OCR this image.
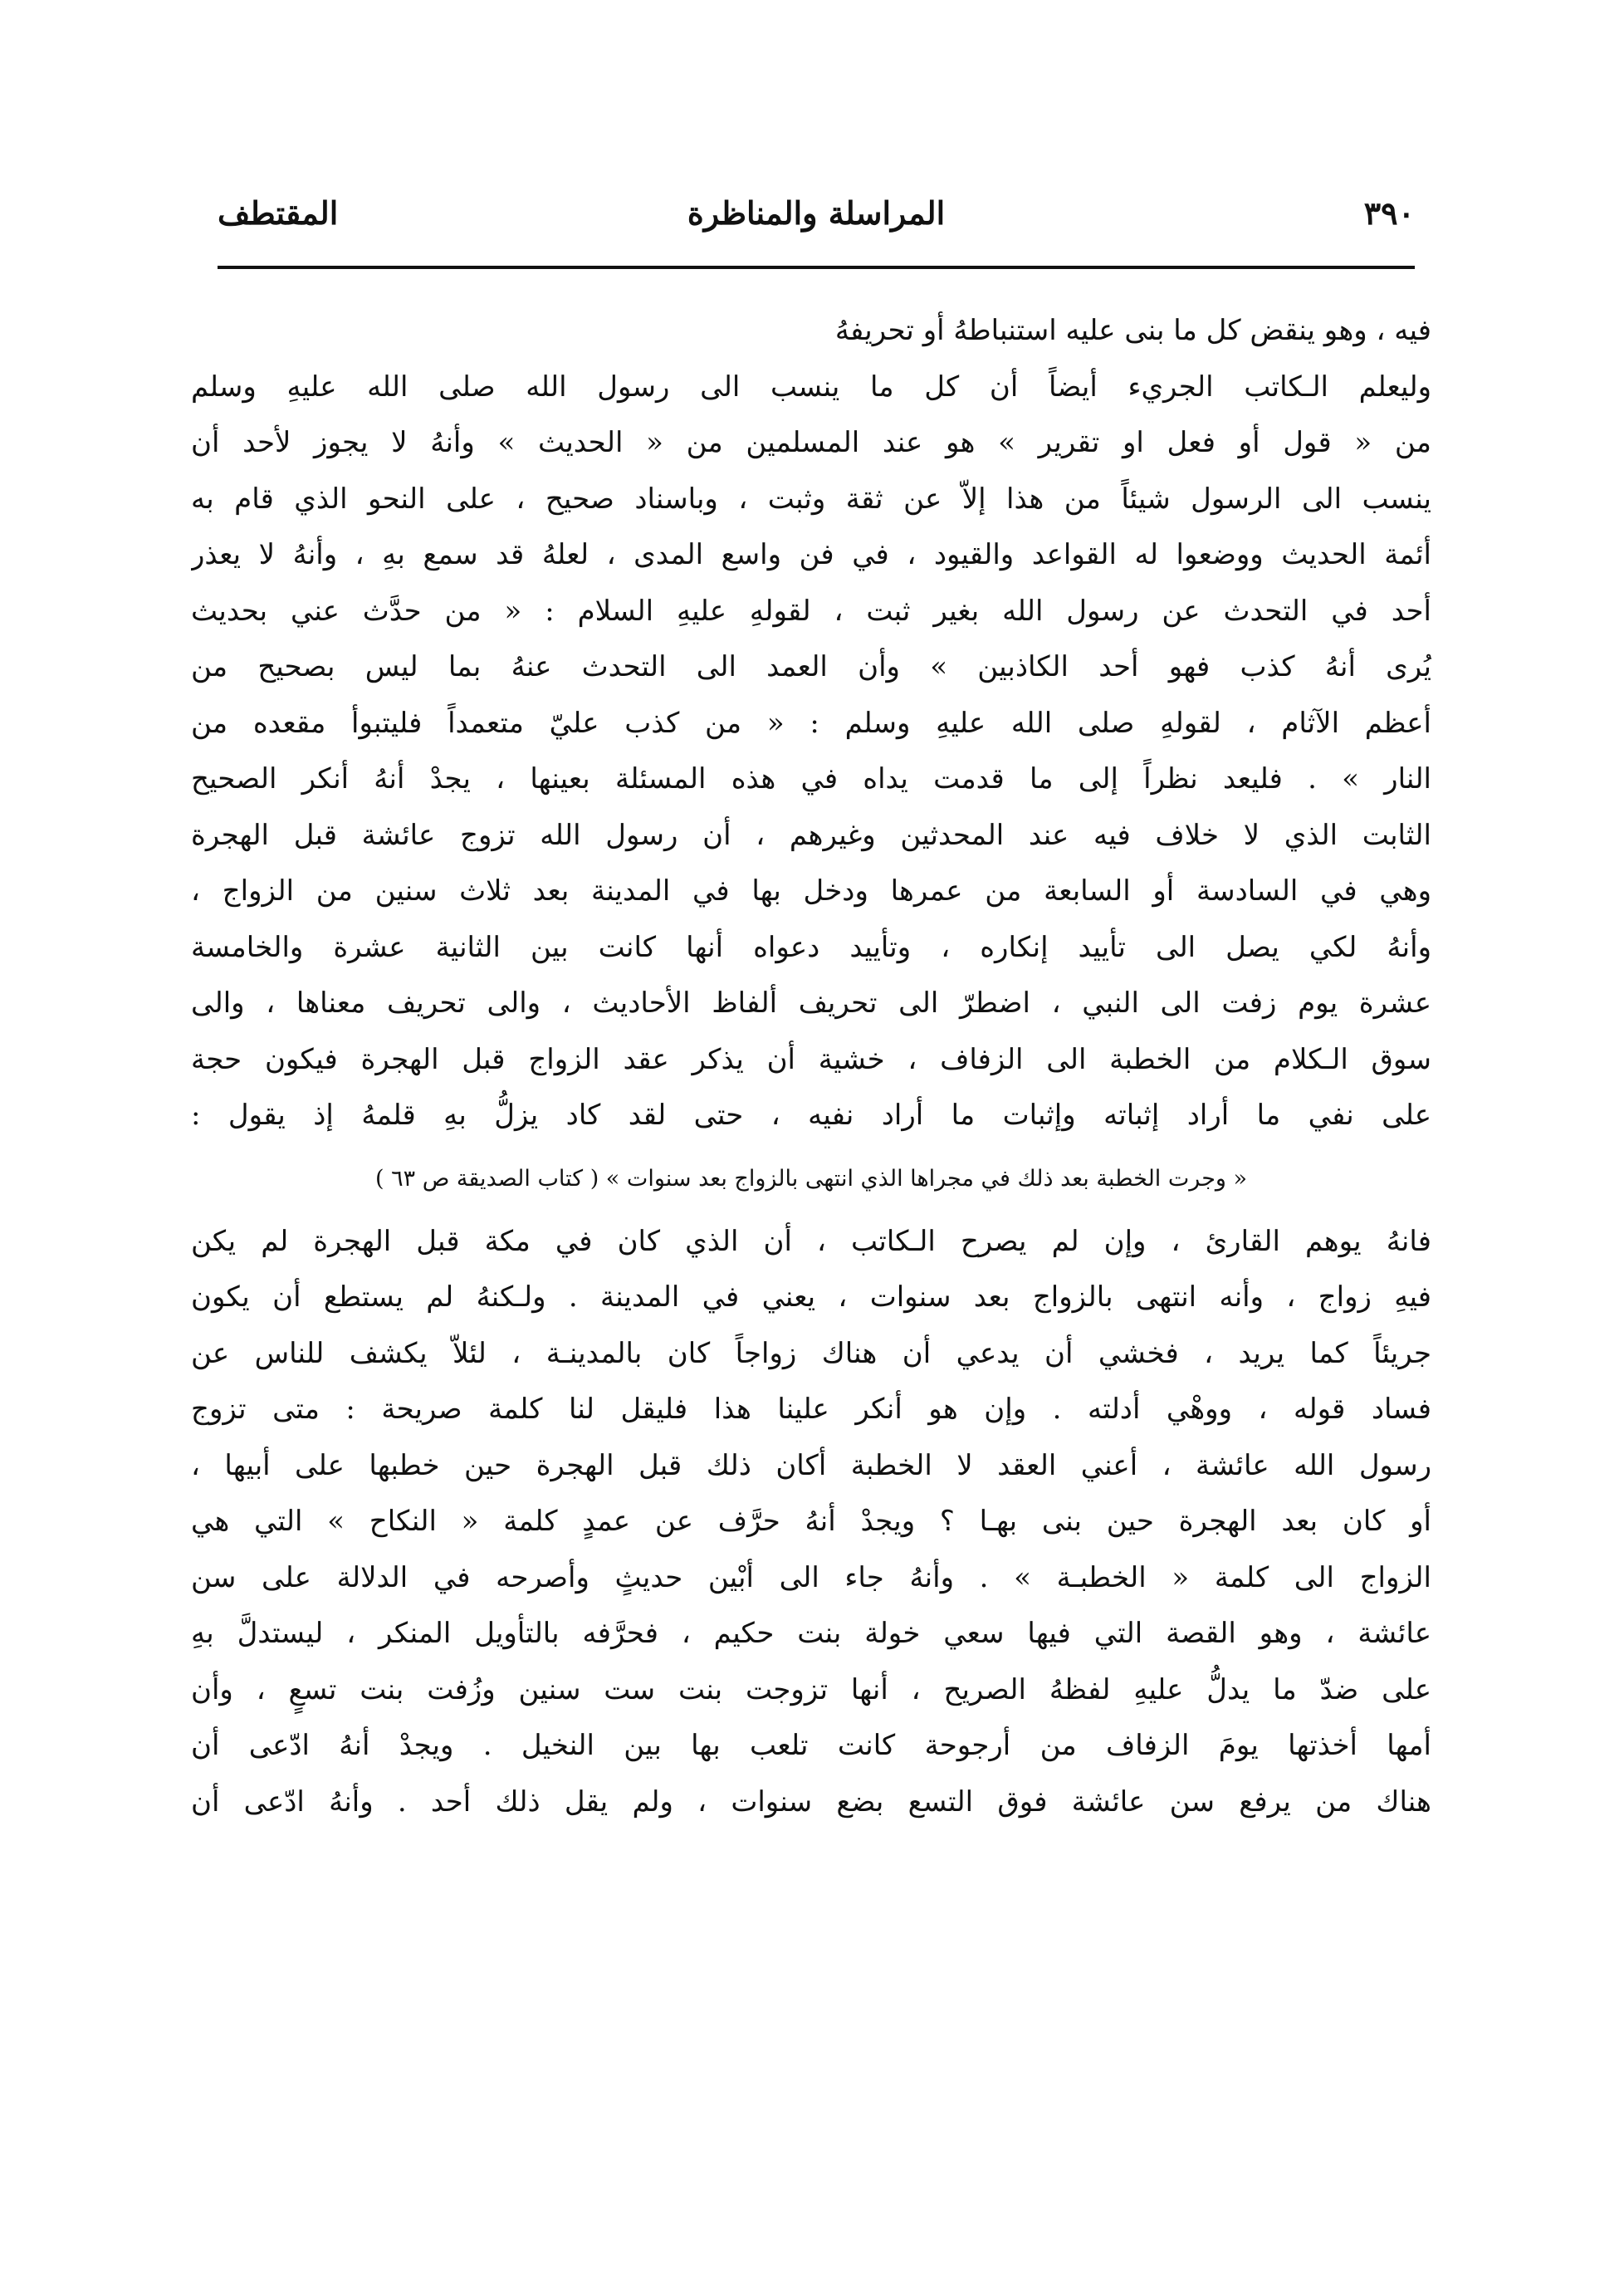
٣٩٠
المراسلة والمناظرة
المقتطف
فيه ، وهو ينقض كل ما بنى عليه استنباطهُ أو تحريفهُ
وليعلم الـكاتب الجريء أيضاً أن كل ما ينسب الى رسول الله صلى الله عليهِ وسلم
من « قول أو فعل او تقرير » هو عند المسلمين من « الحديث » وأنهُ لا يجوز لأحد أن
ينسب الى الرسول شيئاً من هذا إلاّ عن ثقة وثبت ، وباسناد صحيح ، على النحو الذي قام به
أئمة الحديث ووضعوا له القواعد والقيود ، في فن واسع المدى ، لعلهُ قد سمع بهِ ، وأنهُ لا يعذر
أحد في التحدث عن رسول الله بغير ثبت ، لقولهِ عليهِ السلام : « من حدَّث عني بحديث
يُرى أنهُ كذب فهو أحد الكاذبين » وأن العمد الى التحدث عنهُ بما ليس بصحيح من
أعظم الآثام ، لقولهِ صلى الله عليهِ وسلم : « من كذب عليّ متعمداً فليتبوأ مقعده من
النار » . فليعد نظراً إلى ما قدمت يداه في هذه المسئلة بعينها ، يجدْ أنهُ أنكر الصحيح
الثابت الذي لا خلاف فيه عند المحدثين وغيرهم ، أن رسول الله تزوج عائشة قبل الهجرة
وهي في السادسة أو السابعة من عمرها ودخل بها في المدينة بعد ثلاث سنين من الزواج ،
وأنهُ لكي يصل الى تأييد إنكاره ، وتأييد دعواه أنها كانت بين الثانية عشرة والخامسة
عشرة يوم زفت الى النبي ، اضطرّ الى تحريف ألفاظ الأحاديث ، والى تحريف معناها ، والى
سوق الـكلام من الخطبة الى الزفاف ، خشية أن يذكر عقد الزواج قبل الهجرة فيكون حجة
على نفي ما أراد إثباته وإثبات ما أراد نفيه ، حتى لقد كاد يزلُّ بهِ قلمهُ إذ يقول :
« وجرت الخطبة بعد ذلك في مجراها الذي انتهى بالزواج بعد سنوات » ( كتاب الصديقة ص ٦٣ )
فانهُ يوهم القارئ ، وإن لم يصرح الـكاتب ، أن الذي كان في مكة قبل الهجرة لم يكن
فيهِ زواج ، وأنه انتهى بالزواج بعد سنوات ، يعني في المدينة . ولـكنهُ لم يستطع أن يكون
جريئاً كما يريد ، فخشي أن يدعي أن هناك زواجاً كان بالمدينـة ، لئلاّ يكشف للناس عن
فساد قوله ، ووهْي أدلته . وإن هو أنكر علينا هذا فليقل لنا كلمة صريحة : متى تزوج
رسول الله عائشة ، أعني العقد لا الخطبة أكان ذلك قبل الهجرة حين خطبها على أبيها ،
أو كان بعد الهجرة حين بنى بهـا ؟ ويجدْ أنهُ حرَّف عن عمدٍ كلمة « النكاح » التي هي
الزواج الى كلمة « الخطبـة » . وأنهُ جاء الى أبْين حديثٍ وأصرحه في الدلالة على سن
عائشة ، وهو القصة التي فيها سعي خولة بنت حكيم ، فحرَّفه بالتأويل المنكر ، ليستدلَّ بهِ
على ضدّ ما يدلُّ عليهِ لفظهُ الصريح ، أنها تزوجت بنت ست سنين وزُفت بنت تسعٍ ، وأن
أمها أخذتها يومَ الزفاف من أرجوحة كانت تلعب بها بين النخيل . ويجدْ أنهُ ادّعى أن
هناك من يرفع سن عائشة فوق التسع بضع سنوات ، ولم يقل ذلك أحد . وأنهُ ادّعى أن
